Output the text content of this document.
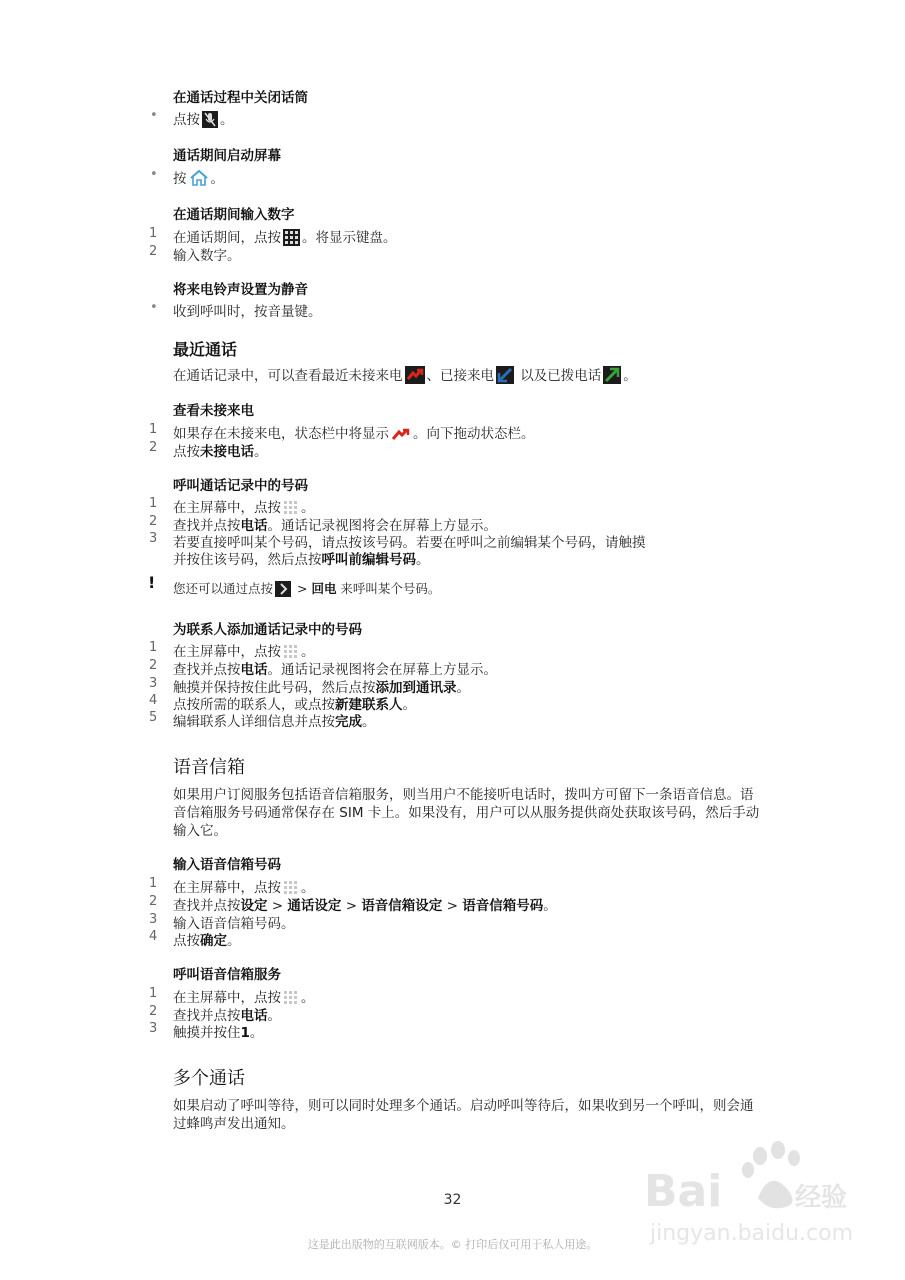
在通话过程中关闭话筒
• 点按 。
通话期间启动屏幕
• 按 。
在通话期间输入数字
1 在通话期间，点按 。将显示键盘。
2 输入数字。
将来电铃声设置为静音
• 收到呼叫时，按音量键。
最近通话
在通话记录中，可以查看最近未接来电 、已接来电 以及已拨电话 。
查看未接来电
1 如果存在未接来电，状态栏中将显示 。向下拖动状态栏。
2 点按未接电话。
呼叫通话记录中的号码
1 在主屏幕中，点按 。
2 查找并点按电话。通话记录视图将会在屏幕上方显示。
3 若要直接呼叫某个号码，请点按该号码。若要在呼叫之前编辑某个号码，请触摸
并按住该号码，然后点按呼叫前编辑号码。
! 您还可以通过点按 > 回电 来呼叫某个号码。
为联系人添加通话记录中的号码
1 在主屏幕中，点按 。
2 查找并点按电话。通话记录视图将会在屏幕上方显示。
3 触摸并保持按住此号码，然后点按添加到通讯录。
4 点按所需的联系人，或点按新建联系人。
5 编辑联系人详细信息并点按完成。
语音信箱
如果用户订阅服务包括语音信箱服务，则当用户不能接听电话时，拨叫方可留下一条语音信息。语音信箱服务号码通常保存在 SIM 卡上。如果没有，用户可以从服务提供商处获取该号码，然后手动输入它。
输入语音信箱号码
1 在主屏幕中，点按 。
2 查找并点按设定 > 通话设定 > 语音信箱设定 > 语音信箱号码。
3 输入语音信箱号码。
4 点按确定。
呼叫语音信箱服务
1 在主屏幕中，点按 。
2 查找并点按电话。
3 触摸并按住1。
多个通话
如果启动了呼叫等待，则可以同时处理多个通话。启动呼叫等待后，如果收到另一个呼叫，则会通过蜂鸣声发出通知。
32
这是此出版物的互联网版本。© 打印后仅可用于私人用途。
Bai	经验
jingyan.baidu.com
